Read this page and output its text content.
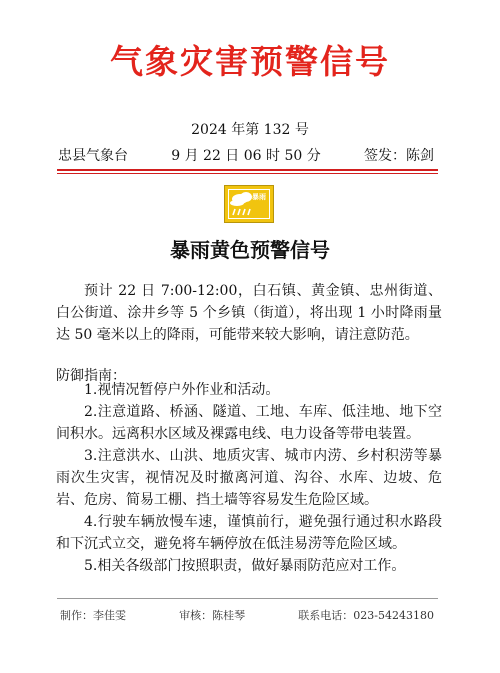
气象灾害预警信号
2024 年第 132 号
忠县气象台	9 月 22 日 06 时 50 分	签发：陈剑
暴雨
暴雨黄色预警信号
预计 22 日 7:00-12:00，白石镇、黄金镇、忠州街道、白公街道、涂井乡等 5 个乡镇（街道），将出现 1 小时降雨量达 50 毫米以上的降雨，可能带来较大影响，请注意防范。
防御指南：

1.视情况暂停户外作业和活动。

2.注意道路、桥涵、隧道、工地、车库、低洼地、地下空间积水。远离积水区域及裸露电线、电力设备等带电装置。

3.注意洪水、山洪、地质灾害、城市内涝、乡村积涝等暴雨次生灾害，视情况及时撤离河道、沟谷、水库、边坡、危岩、危房、简易工棚、挡土墙等容易发生危险区域。

4.行驶车辆放慢车速，谨慎前行，避免强行通过积水路段和下沉式立交，避免将车辆停放在低洼易涝等危险区域。

5.相关各级部门按照职责，做好暴雨防范应对工作。

制作：李佳雯	审核：陈桂琴	联系电话：023-54243180
